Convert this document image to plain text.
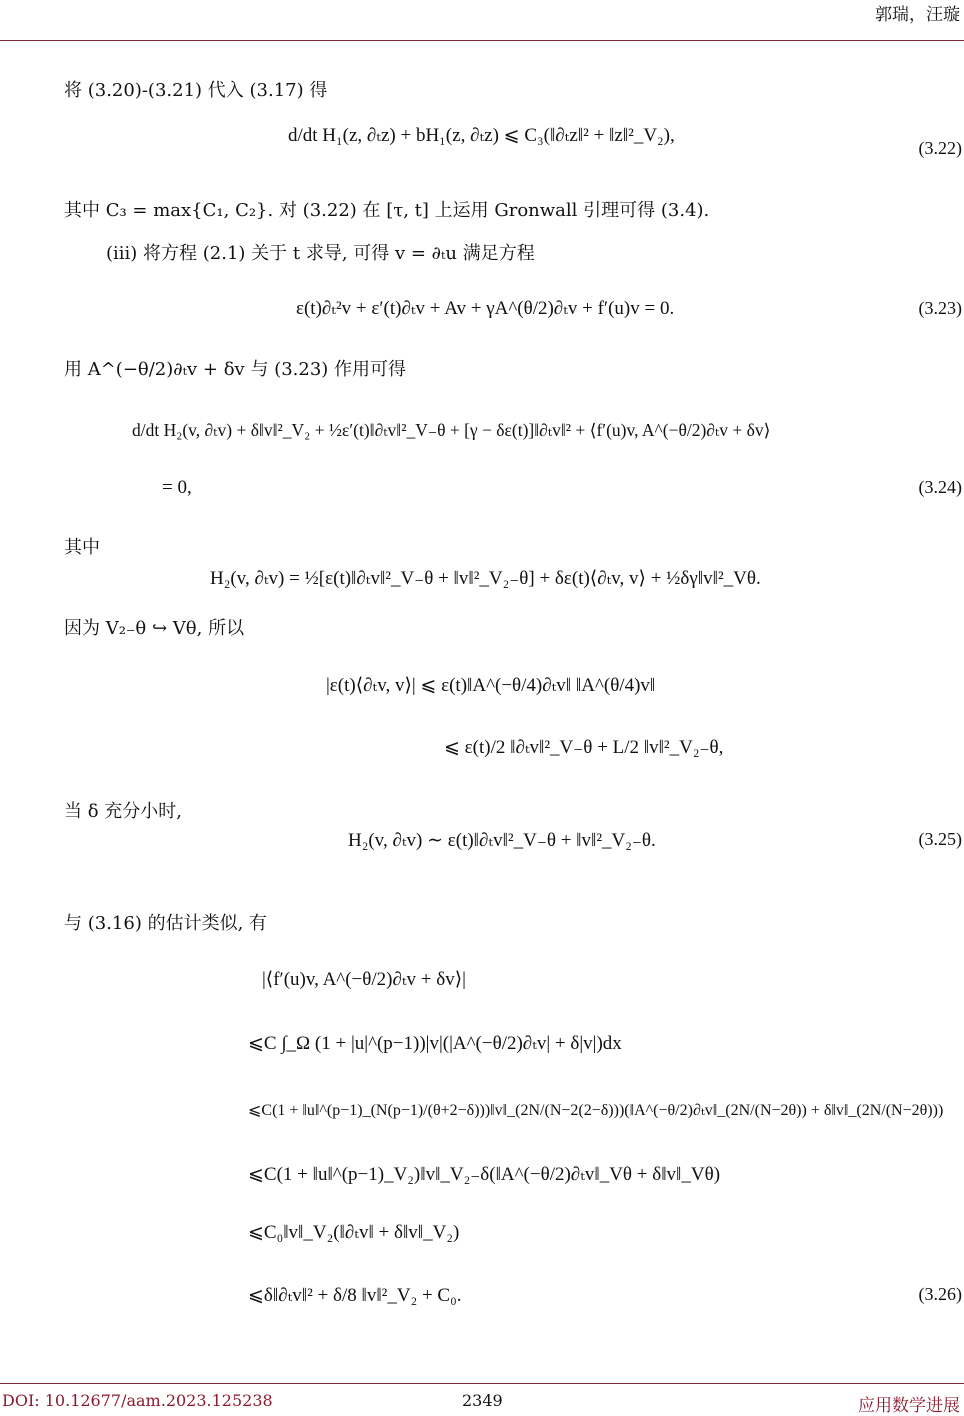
郭瑞，汪璇
将 (3.20)-(3.21) 代入 (3.17) 得
d/dt H₁(z, ∂ₜz) + bH₁(z, ∂ₜz) ⩽ C₃(‖∂ₜz‖² + ‖z‖²_V₂),
(3.22)
其中 C₃ = max{C₁, C₂}. 对 (3.22) 在 [τ, t] 上运用 Gronwall 引理可得 (3.4).
(iii) 将方程 (2.1) 关于 t 求导, 可得 v = ∂ₜu 满足方程
ε(t)∂ₜ²v + ε′(t)∂ₜv + Av + γA^(θ/2)∂ₜv + f′(u)v = 0.	(3.23)
用 A^(−θ/2)∂ₜv + δv 与 (3.23) 作用可得
d/dt H₂(v, ∂ₜv) + δ‖v‖²_V₂ + ½ε′(t)‖∂ₜv‖²_V₋θ + [γ − δε(t)]‖∂ₜv‖² + ⟨f′(u)v, A^(−θ/2)∂ₜv + δv⟩
= 0,	(3.24)
其中
H₂(v, ∂ₜv) = ½[ε(t)‖∂ₜv‖²_V₋θ + ‖v‖²_V₂₋θ] + δε(t)⟨∂ₜv, v⟩ + ½δγ‖v‖²_Vθ.
因为 V₂₋θ ↪ Vθ, 所以
|ε(t)⟨∂ₜv, v⟩| ⩽ ε(t)‖A^(−θ/4)∂ₜv‖ ‖A^(θ/4)v‖
⩽ ε(t)/2 ‖∂ₜv‖²_V₋θ + L/2 ‖v‖²_V₂₋θ,
当 δ 充分小时,
H₂(v, ∂ₜv) ∼ ε(t)‖∂ₜv‖²_V₋θ + ‖v‖²_V₂₋θ.	(3.25)
与 (3.16) 的估计类似, 有
|⟨f′(u)v, A^(−θ/2)∂ₜv + δv⟩|
⩽C ∫_Ω (1 + |u|^(p−1))|v|(|A^(−θ/2)∂ₜv| + δ|v|)dx
⩽C(1 + ‖u‖^(p−1)_(N(p−1)/(θ+2−δ)))‖v‖_(2N/(N−2(2−δ)))(‖A^(−θ/2)∂ₜv‖_(2N/(N−2θ)) + δ‖v‖_(2N/(N−2θ)))
⩽C(1 + ‖u‖^(p−1)_V₂)‖v‖_V₂₋δ(‖A^(−θ/2)∂ₜv‖_Vθ + δ‖v‖_Vθ)
⩽C₀‖v‖_V₂(‖∂ₜv‖ + δ‖v‖_V₂)
⩽δ‖∂ₜv‖² + δ/8 ‖v‖²_V₂ + C₀.	(3.26)
DOI: 10.12677/aam.2023.125238	2349	应用数学进展
